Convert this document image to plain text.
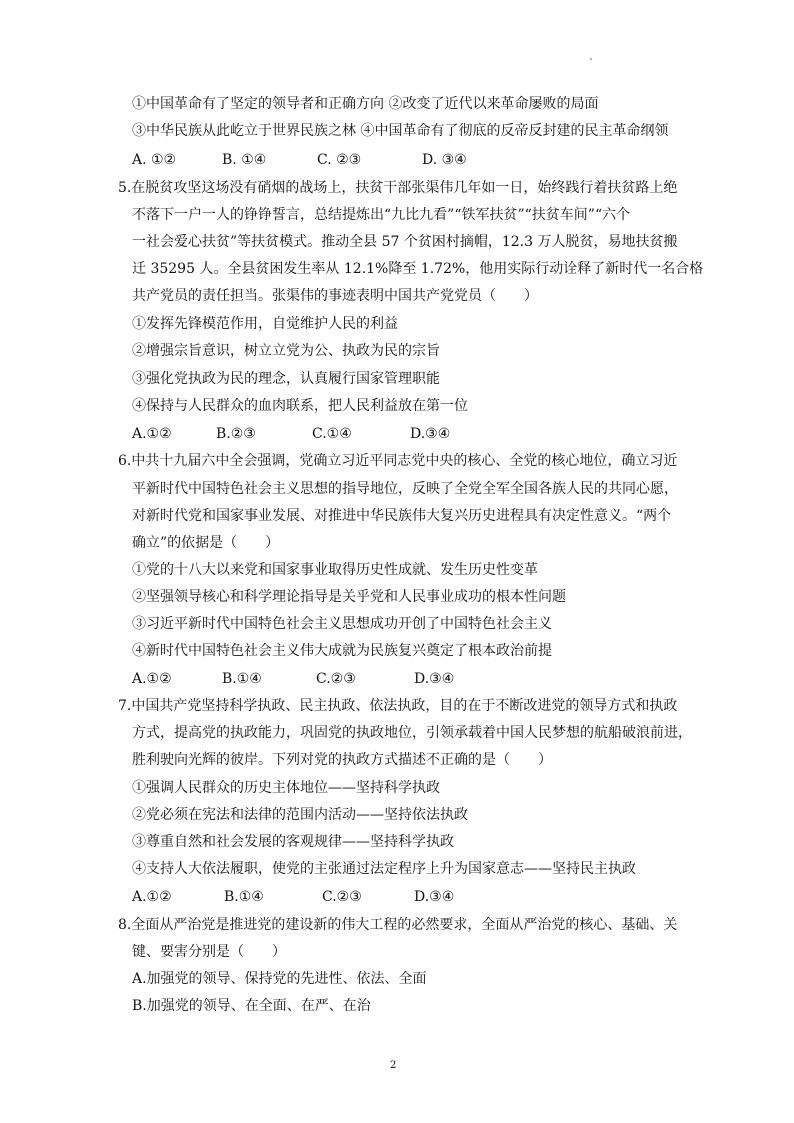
①中国革命有了坚定的领导者和正确方向 ②改变了近代以来革命屡败的局面
③中华民族从此屹立于世界民族之林 ④中国革命有了彻底的反帝反封建的民主革命纲领
A. ①②	B. ①④	C. ②③	D. ③④
5.在脱贫攻坚这场没有硝烟的战场上，扶贫干部张渠伟几年如一日，始终践行着扶贫路上绝
不落下一户一人的铮铮誓言，总结提炼出“九比九看”“铁军扶贫”“扶贫车间”“六个
一社会爱心扶贫”等扶贫模式。推动全县 57 个贫困村摘帽，12.3 万人脱贫，易地扶贫搬
迁 35295 人。全县贫困发生率从 12.1%降至 1.72%，他用实际行动诠释了新时代一名合格
共产党员的责任担当。张渠伟的事迹表明中国共产党党员（　　）
①发挥先锋模范作用，自觉维护人民的利益
②增强宗旨意识，树立立党为公、执政为民的宗旨
③强化党执政为民的理念，认真履行国家管理职能
④保持与人民群众的血肉联系，把人民利益放在第一位
A.①②	B.②③	C.①④	D.③④
6.中共十九届六中全会强调，党确立习近平同志党中央的核心、全党的核心地位，确立习近
平新时代中国特色社会主义思想的指导地位，反映了全党全军全国各族人民的共同心愿，
对新时代党和国家事业发展、对推进中华民族伟大复兴历史进程具有决定性意义。“两个
确立”的依据是（　　）
①党的十八大以来党和国家事业取得历史性成就、发生历史性变革
②坚强领导核心和科学理论指导是关乎党和人民事业成功的根本性问题
③习近平新时代中国特色社会主义思想成功开创了中国特色社会主义
④新时代中国特色社会主义伟大成就为民族复兴奠定了根本政治前提
A.①②	B.①④	C.②③	D.③④
7.中国共产党坚持科学执政、民主执政、依法执政，目的在于不断改进党的领导方式和执政
方式，提高党的执政能力，巩固党的执政地位，引领承载着中国人民梦想的航船破浪前进，
胜利驶向光辉的彼岸。下列对党的执政方式描述不正确的是（　　）
①强调人民群众的历史主体地位——坚持科学执政
②党必须在宪法和法律的范围内活动——坚持依法执政
③尊重自然和社会发展的客观规律——坚持科学执政
④支持人大依法履职，使党的主张通过法定程序上升为国家意志——坚持民主执政
A.①②	B.①④	C.②③	D.③④
8.全面从严治党是推进党的建设新的伟大工程的必然要求，全面从严治党的核心、基础、关
键、要害分别是（　　）
A.加强党的领导、保持党的先进性、依法、全面
B.加强党的领导、在全面、在严、在治
2
